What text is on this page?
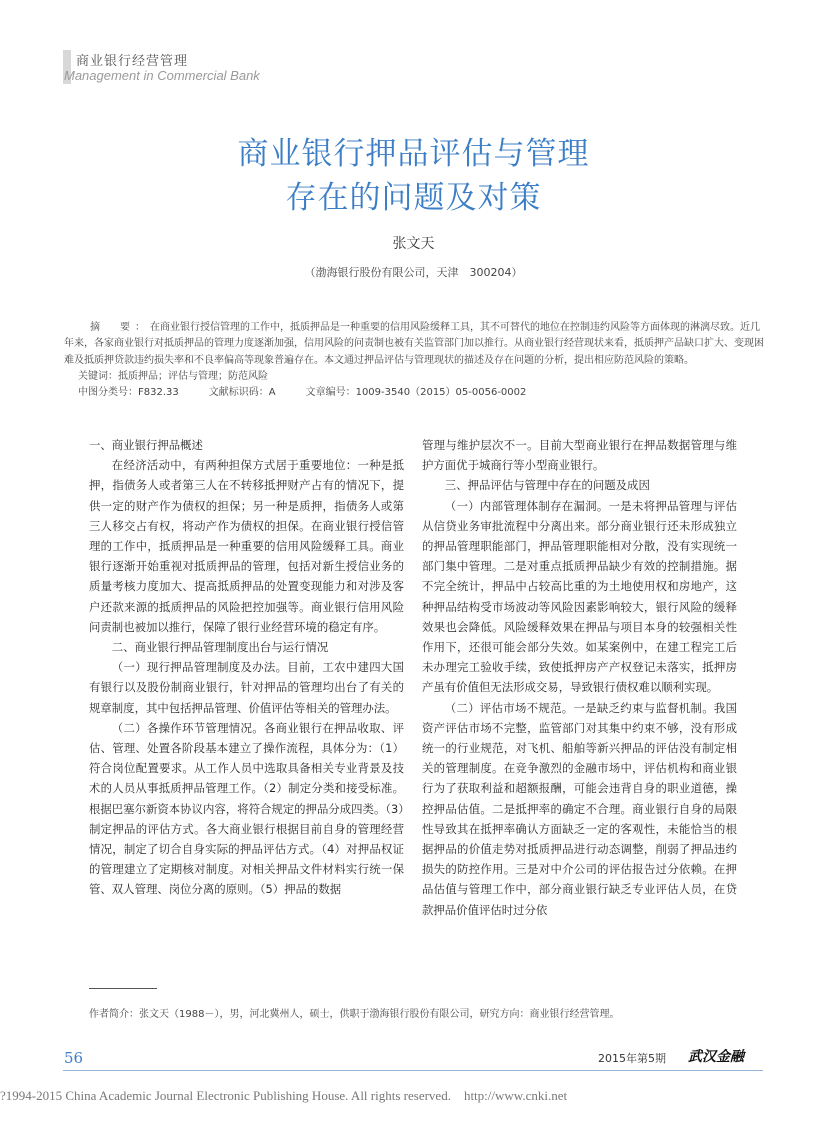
商业银行经营管理
Management in Commercial Bank
商业银行押品评估与管理
存在的问题及对策
张文天
（渤海银行股份有限公司，天津　300204）

摘　要：在商业银行授信管理的工作中，抵质押品是一种重要的信用风险缓释工具，其不可替代的地位在控制违约风险等方面体现的淋漓尽致。近几年来，各家商业银行对抵质押品的管理力度逐渐加强，信用风险的问责制也被有关监管部门加以推行。从商业银行经营现状来看，抵质押产品缺口扩大、变现困难及抵质押贷款违约损失率和不良率偏高等现象普遍存在。本文通过押品评估与管理现状的描述及存在问题的分析，提出相应防范风险的策略。

关键词：抵质押品；评估与管理；防范风险

中图分类号：F832.33　　　文献标识码：A　　　文章编号：1009-3540（2015）05-0056-0002

一、商业银行押品概述

在经济活动中，有两种担保方式居于重要地位：一种是抵押，指债务人或者第三人在不转移抵押财产占有的情况下，提供一定的财产作为债权的担保；另一种是质押，指债务人或第三人移交占有权，将动产作为债权的担保。在商业银行授信管理的工作中，抵质押品是一种重要的信用风险缓释工具。商业银行逐渐开始重视对抵质押品的管理，包括对新生授信业务的质量考核力度加大、提高抵质押品的处置变现能力和对涉及客户还款来源的抵质押品的风险把控加强等。商业银行信用风险问责制也被加以推行，保障了银行业经营环境的稳定有序。

二、商业银行押品管理制度出台与运行情况

（一）现行押品管理制度及办法。目前，工农中建四大国有银行以及股份制商业银行，针对押品的管理均出台了有关的规章制度，其中包括押品管理、价值评估等相关的管理办法。

（二）各操作环节管理情况。各商业银行在押品收取、评估、管理、处置各阶段基本建立了操作流程，具体分为：（1）符合岗位配置要求。从工作人员中选取具备相关专业背景及技术的人员从事抵质押品管理工作。（2）制定分类和接受标准。根据巴塞尔新资本协议内容，将符合规定的押品分成四类。（3）制定押品的评估方式。各大商业银行根据目前自身的管理经营情况，制定了切合自身实际的押品评估方式。（4）对押品权证的管理建立了定期核对制度。对相关押品文件材料实行统一保管、双人管理、岗位分离的原则。（5）押品的数据

管理与维护层次不一。目前大型商业银行在押品数据管理与维护方面优于城商行等小型商业银行。

三、押品评估与管理中存在的问题及成因

（一）内部管理体制存在漏洞。一是未将押品管理与评估从信贷业务审批流程中分离出来。部分商业银行还未形成独立的押品管理职能部门，押品管理职能相对分散，没有实现统一部门集中管理。二是对重点抵质押品缺少有效的控制措施。据不完全统计，押品中占较高比重的为土地使用权和房地产，这种押品结构受市场波动等风险因素影响较大，银行风险的缓释效果也会降低。风险缓释效果在押品与项目本身的较强相关性作用下，还很可能会部分失效。如某案例中，在建工程完工后未办理完工验收手续，致使抵押房产产权登记未落实，抵押房产虽有价值但无法形成交易，导致银行债权难以顺利实现。

（二）评估市场不规范。一是缺乏约束与监督机制。我国资产评估市场不完整，监管部门对其集中约束不够，没有形成统一的行业规范，对飞机、船舶等新兴押品的评估没有制定相关的管理制度。在竞争激烈的金融市场中，评估机构和商业银行为了获取利益和超额报酬，可能会违背自身的职业道德，操控押品估值。二是抵押率的确定不合理。商业银行自身的局限性导致其在抵押率确认方面缺乏一定的客观性，未能恰当的根据押品的价值走势对抵质押品进行动态调整，削弱了押品违约损失的防控作用。三是对中介公司的评估报告过分依赖。在押品估值与管理工作中，部分商业银行缺乏专业评估人员，在贷款押品价值评估时过分依

作者简介：张文天（1988－），男，河北冀州人，硕士，供职于渤海银行股份有限公司，研究方向：商业银行经营管理。
56	2015年第5期 武汉金融
?1994-2015 China Academic Journal Electronic Publishing House. All rights reserved.　http://www.cnki.net
